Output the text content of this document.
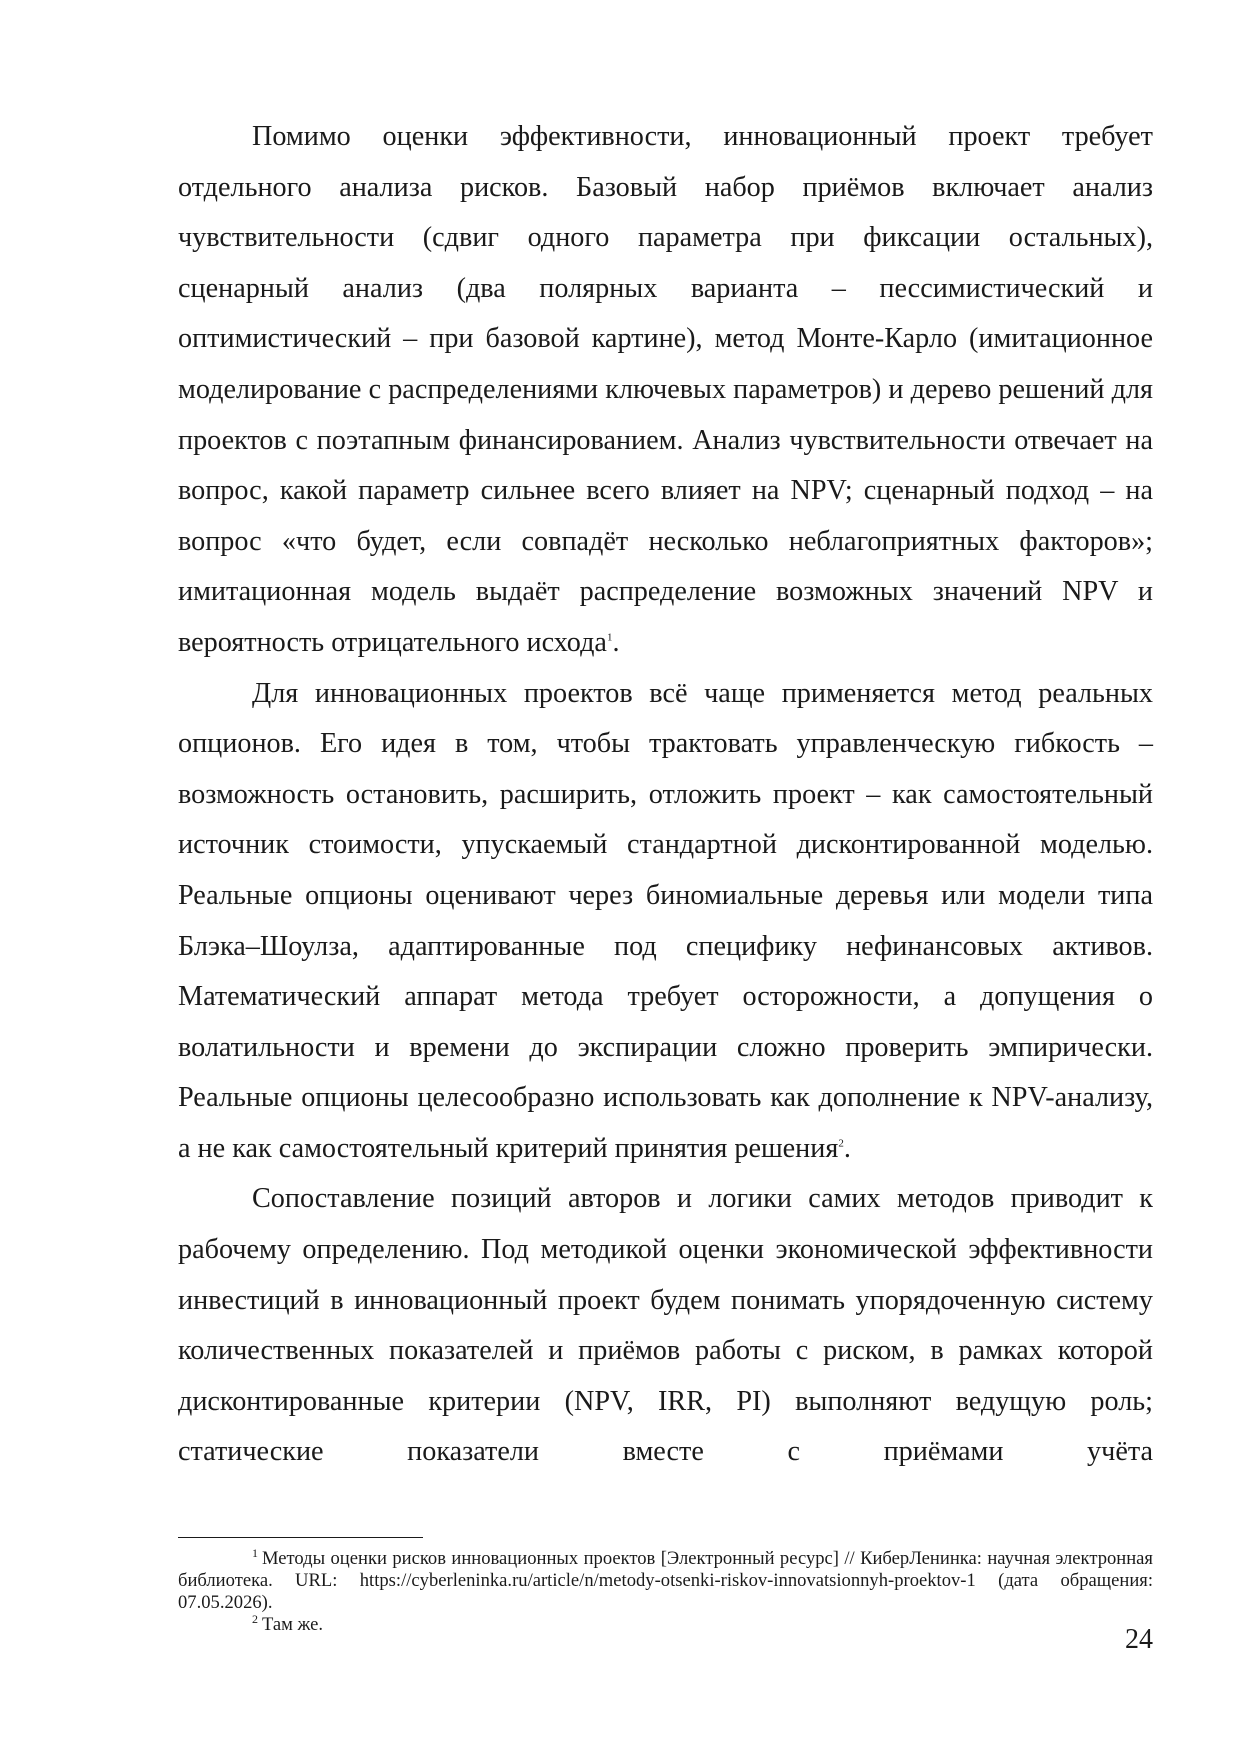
Помимо оценки эффективности, инновационный проект требует отдельного анализа рисков. Базовый набор приёмов включает анализ чувствительности (сдвиг одного параметра при фиксации остальных), сценарный анализ (два полярных варианта – пессимистический и оптимистический – при базовой картине), метод Монте-Карло (имитационное моделирование с распределениями ключевых параметров) и дерево решений для проектов с поэтапным финансированием. Анализ чувствительности отвечает на вопрос, какой параметр сильнее всего влияет на NPV; сценарный подход – на вопрос «что будет, если совпадёт несколько неблагоприятных факторов»; имитационная модель выдаёт распределение возможных значений NPV и вероятность отрицательного исхода$^1$.

Для инновационных проектов всё чаще применяется метод реальных опционов. Его идея в том, чтобы трактовать управленческую гибкость – возможность остановить, расширить, отложить проект – как самостоятельный источник стоимости, упускаемый стандартной дисконтированной моделью. Реальные опционы оценивают через биномиальные деревья или модели типа Блэка–Шоулза, адаптированные под специфику нефинансовых активов. Математический аппарат метода требует осторожности, а допущения о волатильности и времени до экспирации сложно проверить эмпирически. Реальные опционы целесообразно использовать как дополнение к NPV-анализу, а не как самостоятельный критерий принятия решения$^2$.

Сопоставление позиций авторов и логики самих методов приводит к рабочему определению. Под методикой оценки экономической эффективности инвестиций в инновационный проект будем понимать упорядоченную систему количественных показателей и приёмов работы с риском, в рамках которой дисконтированные критерии (NPV, IRR, PI) выполняют ведущую роль; статические показатели вместе с приёмами учёта

$^1$ Методы оценки рисков инновационных проектов [Электронный ресурс] // КиберЛенинка: научная электронная библиотека. URL: https://cyberleninka.ru/article/n/metody-otsenki-riskov-innovatsionnyh-proektov-1 (дата обращения: 07.05.2026).

$^2$ Там же.	24
